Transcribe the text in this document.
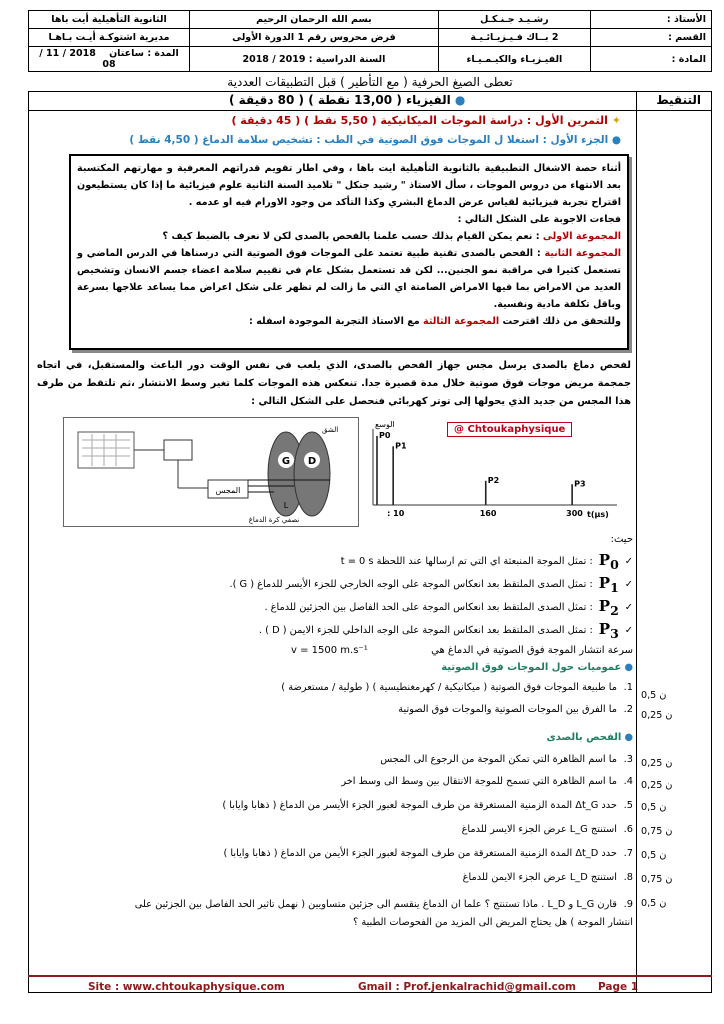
الأستاذ :	رشـيـد جـنـكـل	بسم الله الرحمان الرحيم	الثانوية التأهيلية أيت باها
القسم :	2 بــاك فـيـزيـائـيـة	فرض محروس رقم 1 الدورة الأولى	مديرية اشتوكـة أيـت بـاهـا
المادة :	الفيـزيـاء والكيـمـيـاء	السنة الدراسية : 2019 / 2018	المدة : ساعتان    2018 / 11 / 08
تعطى الصيغ الحرفية ( مع التأطير ) قبل التطبيقات العددية
التنقيط
● الفيزياء ( 13,00 نقطة ) ( 80 دقيقة )
✦ التمرين الأول : دراسة الموجات الميكانيكية ( 5,50 نقط ) ( 45 دقيقة )
● الجزء الأول : استغلا ل الموجات فوق الصوتية في الطب : تشخيص سلامة الدماغ ( 4,50 نقط )
أثناء حصة الاشغال التطبيقية بالثانوية التأهيلية ايت باها ، وفي اطار تقويم قدراتهم المعرفية و مهارتهم المكتسبة بعد الانتهاء من دروس الموجات ، سأل الاستاذ " رشيد جنكل " تلاميذ السنة الثانية علوم فيزيائية ما إذا كان يستطيعون اقتراح تجربة فيزيائية لقياس عرض الدماغ البشري وكذا التأكد من وجود الاورام فيه او عدمه .
فجاءت الاجوبة على الشكل التالي :
المجموعة الاولى : نعم يمكن القيام بذلك حسب علمنا بالفحص بالصدى لكن لا نعرف بالضبط كيف ؟
المجموعة الثانية : الفحص بالصدى تقنية طبية تعتمد على الموجات فوق الصوتية التي درسناها في الدرس الماضي و تستعمل كثيرا في مراقبة نمو الجنين... لكن قد تستعمل بشكل عام في تقييم سلامة اعضاء جسم الانسان وتشخيص العديد من الامراض بما فيها الامراض الصامتة اي التي ما زالت لم تظهر على شكل اعراض مما يساعد علاجها بسرعة وباقل تكلفة مادية ونفسية.
وللتحقق من ذلك اقترحت المجموعة الثالثة مع الاستاذ التجربة الموجودة اسفله :
لفحص دماغ بالصدى يرسل مجس جهاز الفحص بالصدى، الذي يلعب في نفس الوقت دور الباعث والمستقبل، في اتجاه جمجمة مريض موجات فوق صوتية خلال مدة قصيرة جدا. تنعكس هذه الموجات كلما تغير وسط الانتشار ،ثم تلتقط من طرف هذا المجس من جديد الذي يحولها إلى توتر كهربائي فنحصل على الشكل التالي :
المجس
G D
L
الشق
نصفي كرة الدماغ
الوسع
t(μs)
P0
P1
P2	P3
: 10	160	300
@ Chtoukaphysique
حيث:
✓
$P_0$
: تمثل الموجة المنبعثة اي التي تم ارسالها عند اللحظة t = 0 s
✓
$P_1$
: تمثل الصدى الملتقط بعد انعكاس الموجة على الوجه الخارجي للجزء الأيسر للدماغ ( G ).
✓
$P_2$
: تمثل الصدى الملتقط بعد انعكاس الموجة على الحد الفاصل بين الجزئين للدماغ .
✓
$P_3$
: تمثل الصدى الملتقط بعد انعكاس الموجة على الوجه الداخلي للجزء الايمن ( D ) .
سرعة انتشار الموجة فوق الصوتية في الدماغ هي
v = 1500 m.s⁻¹
● عموميات حول الموجات فوق الصوتية
1.ما طبيعة الموجات فوق الصوتية ( ميكانيكية / كهرمغنطيسية ) ( طولية / مستعرضة )
0,5 ن
2.ما الفرق بين الموجات الصوتية والموجات فوق الصوتية
0,25 ن
● الفحص بالصدى
3.ما اسم الظاهرة التي تمكن الموجة من الرجوع الى المجس	0,25 ن
4.ما اسم الظاهرة التي تسمح للموجة الانتقال بين وسط الى وسط اخر	0,25 ن
5.حدد Δt_G المدة الزمنية المستغرقة من طرف الموجة لعبور الجزء الأيسر من الدماغ ( ذهابا وايابا )	0,5 ن
6.استنتج L_G عرض الجزء الايسر للدماغ	0,75 ن
7.حدد Δt_D المدة الزمنية المستغرقة من طرف الموجة لعبور الجزء الأيمن من الدماغ ( ذهابا وايابا )	0,5 ن
8.استنتج L_D عرض الجزء الايمن للدماغ	0,75 ن
9.قارن L_G و L_D . ماذا تستنتج ؟ علما ان الدماغ ينقسم الى جزئين متساويين ( نهمل تاثير الحد الفاصل بين الجزئين على انتشار الموجة ) هل يحتاج المريض الى المزيد من الفحوصات الطبية ؟
0,5 ن
Site : www.chtoukaphysique.com	Gmail : Prof.jenkalrachid@gmail.com Page 1
